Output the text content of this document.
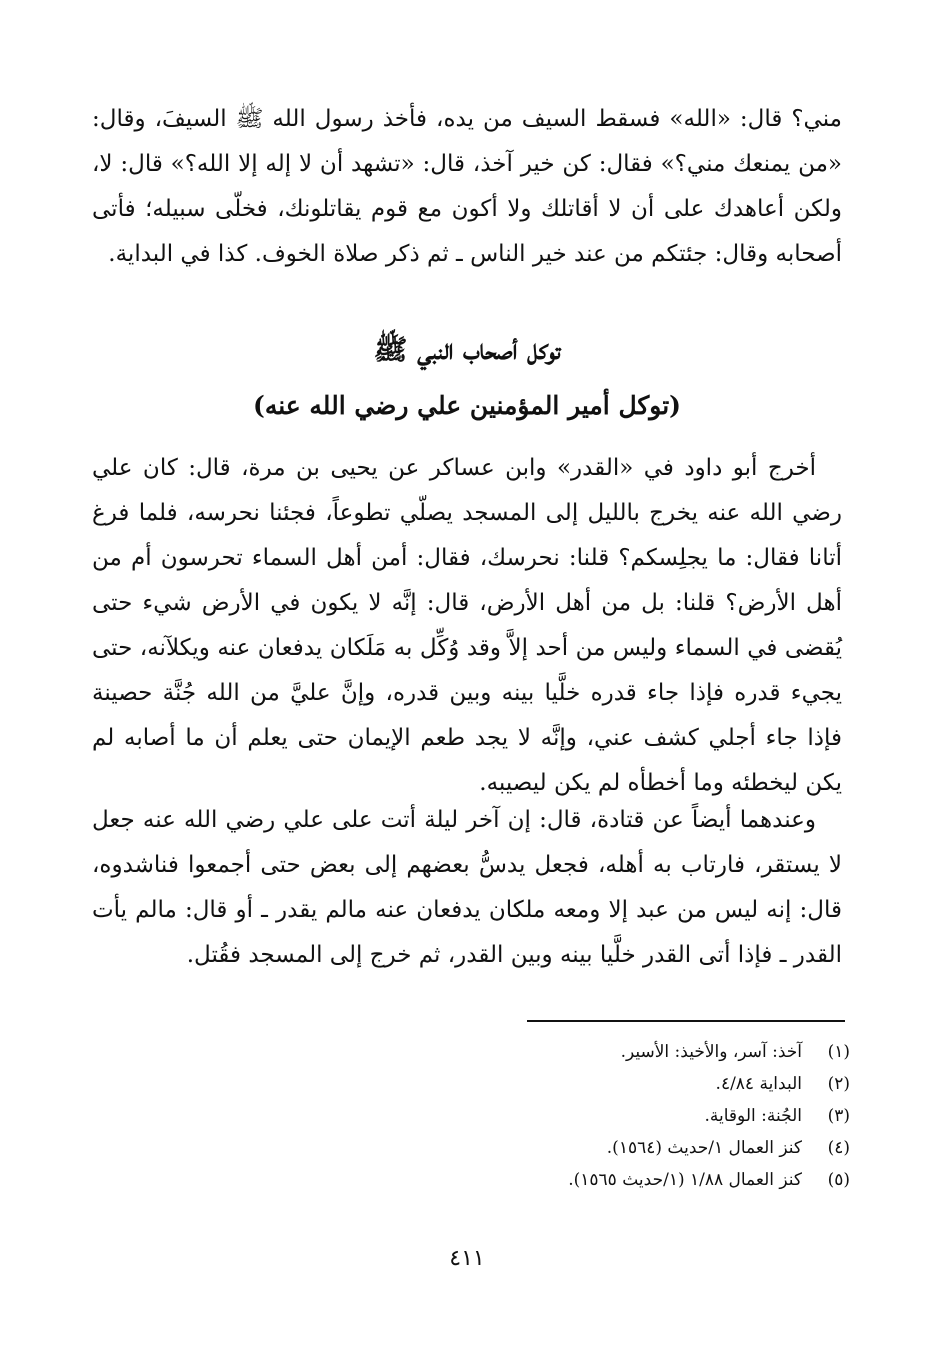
مني؟ قال: «الله» فسقط السيف من يده، فأخذ رسول الله ﷺ السيفَ، وقال: «من يمنعك مني؟» فقال: كن خير آخذ، قال: «تشهد أن لا إله إلا الله؟» قال: لا، ولكن أعاهدك على أن لا أقاتلك ولا أكون مع قوم يقاتلونك، فخلّى سبيله؛ فأتى أصحابه وقال: جئتكم من عند خير الناس ـ ثم ذكر صلاة الخوف. كذا في البداية.

توكل أصحاب النبي ﷺ
(توكل أمير المؤمنين علي رضي الله عنه)

أخرج أبو داود في «القدر» وابن عساكر عن يحيى بن مرة، قال: كان علي رضي الله عنه يخرج بالليل إلى المسجد يصلّي تطوعاً، فجئنا نحرسه، فلما فرغ أتانا فقال: ما يجلِسكم؟ قلنا: نحرسك، فقال: أمن أهل السماء تحرسون أم من أهل الأرض؟ قلنا: بل من أهل الأرض، قال: إنَّه لا يكون في الأرض شيء حتى يُقضى في السماء وليس من أحد إلاَّ وقد وُكِّل به مَلَكان يدفعان عنه ويكلآنه، حتى يجيء قدره فإذا جاء قدره خلَّيا بينه وبين قدره، وإنَّ عليَّ من الله جُنَّة حصينة فإذا جاء أجلي كشف عني، وإنَّه لا يجد طعم الإيمان حتى يعلم أن ما أصابه لم يكن ليخطئه وما أخطأه لم يكن ليصيبه.

وعندهما أيضاً عن قتادة، قال: إن آخر ليلة أتت على علي رضي الله عنه جعل لا يستقر، فارتاب به أهله، فجعل يدسُّ بعضهم إلى بعض حتى أجمعوا فناشدوه، قال: إنه ليس من عبد إلا ومعه ملكان يدفعان عنه مالم يقدر ـ أو قال: مالم يأت القدر ـ فإذا أتى القدر خلَّيا بينه وبين القدر، ثم خرج إلى المسجد فقُتل.

(١)آخذ: آسر، والأخيذ: الأسير.

(٢)البداية ٤/٨٤.

(٣)الجُنة: الوقاية.

(٤)كنز العمال ١/حديث (١٥٦٤).

(٥)كنز العمال ١/٨٨ (١/حديث ١٥٦٥).

٤١١
